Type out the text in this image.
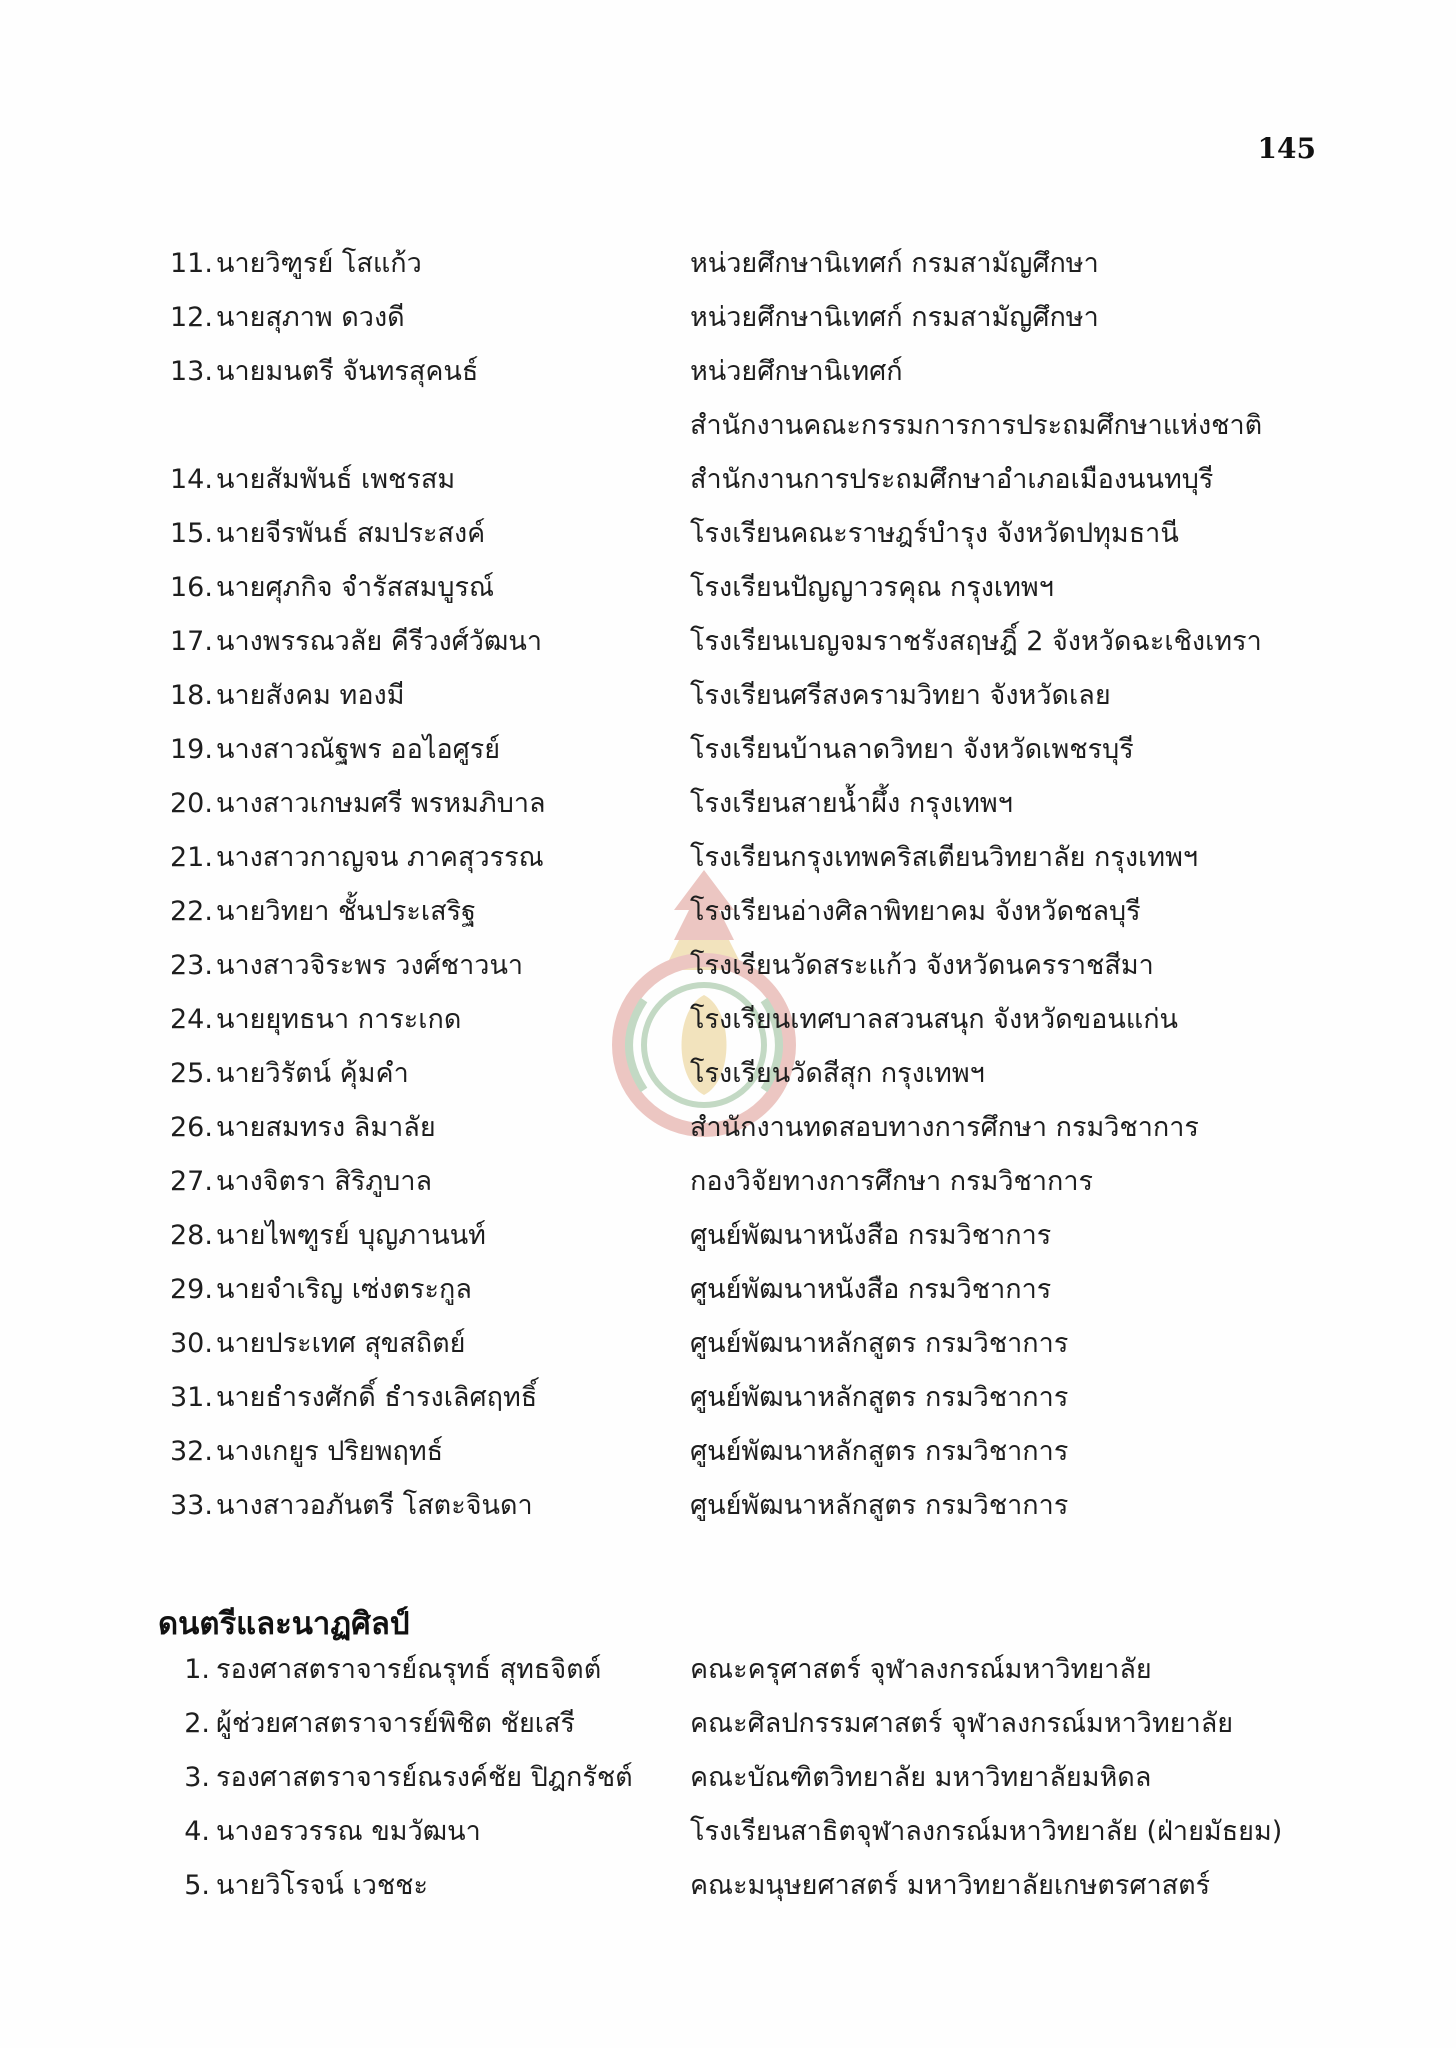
145
11. นายวิฑูรย์ โสแก้ว	หน่วยศึกษานิเทศก์ กรมสามัญศึกษา
12. นายสุภาพ ดวงดี	หน่วยศึกษานิเทศก์ กรมสามัญศึกษา
13. นายมนตรี จันทรสุคนธ์	หน่วยศึกษานิเทศก์
สำนักงานคณะกรรมการการประถมศึกษาแห่งชาติ
14. นายสัมพันธ์ เพชรสม	สำนักงานการประถมศึกษาอำเภอเมืองนนทบุรี
15. นายจีรพันธ์ สมประสงค์	โรงเรียนคณะราษฎร์บำรุง จังหวัดปทุมธานี
16. นายศุภกิจ จำรัสสมบูรณ์	โรงเรียนปัญญาวรคุณ กรุงเทพฯ
17. นางพรรณวลัย คีรีวงศ์วัฒนา	โรงเรียนเบญจมราชรังสฤษฎิ์ 2 จังหวัดฉะเชิงเทรา
18. นายสังคม ทองมี	โรงเรียนศรีสงครามวิทยา จังหวัดเลย
19. นางสาวณัฐพร ออไอศูรย์	โรงเรียนบ้านลาดวิทยา จังหวัดเพชรบุรี
20. นางสาวเกษมศรี พรหมภิบาล	โรงเรียนสายน้ำผึ้ง กรุงเทพฯ
21. นางสาวกาญจน ภาคสุวรรณ	โรงเรียนกรุงเทพคริสเตียนวิทยาลัย กรุงเทพฯ
22. นายวิทยา ชั้นประเสริฐ	โรงเรียนอ่างศิลาพิทยาคม จังหวัดชลบุรี
23. นางสาวจิระพร วงศ์ชาวนา	โรงเรียนวัดสระแก้ว จังหวัดนครราชสีมา
24. นายยุทธนา การะเกด	โรงเรียนเทศบาลสวนสนุก จังหวัดขอนแก่น
25. นายวิรัตน์ คุ้มคำ	โรงเรียนวัดสีสุก กรุงเทพฯ
26. นายสมทรง ลิมาลัย	สำนักงานทดสอบทางการศึกษา กรมวิชาการ
27. นางจิตรา สิริภูบาล	กองวิจัยทางการศึกษา กรมวิชาการ
28. นายไพฑูรย์ บุญภานนท์	ศูนย์พัฒนาหนังสือ กรมวิชาการ
29. นายจำเริญ เซ่งตระกูล	ศูนย์พัฒนาหนังสือ กรมวิชาการ
30. นายประเทศ สุขสถิตย์	ศูนย์พัฒนาหลักสูตร กรมวิชาการ
31. นายธำรงศักดิ์ ธำรงเลิศฤทธิ์	ศูนย์พัฒนาหลักสูตร กรมวิชาการ
32. นางเกยูร ปริยพฤทธ์	ศูนย์พัฒนาหลักสูตร กรมวิชาการ
33. นางสาวอภันตรี โสตะจินดา	ศูนย์พัฒนาหลักสูตร กรมวิชาการ
ดนตรีและนาฏศิลป์
1. รองศาสตราจารย์ณรุทธ์ สุทธจิตต์	คณะครุศาสตร์ จุฬาลงกรณ์มหาวิทยาลัย
2. ผู้ช่วยศาสตราจารย์พิชิต ชัยเสรี	คณะศิลปกรรมศาสตร์ จุฬาลงกรณ์มหาวิทยาลัย
3. รองศาสตราจารย์ณรงค์ชัย ปิฎกรัชต์	คณะบัณฑิตวิทยาลัย มหาวิทยาลัยมหิดล
4. นางอรวรรณ ขมวัฒนา	โรงเรียนสาธิตจุฬาลงกรณ์มหาวิทยาลัย (ฝ่ายมัธยม)
5. นายวิโรจน์ เวชชะ	คณะมนุษยศาสตร์ มหาวิทยาลัยเกษตรศาสตร์
